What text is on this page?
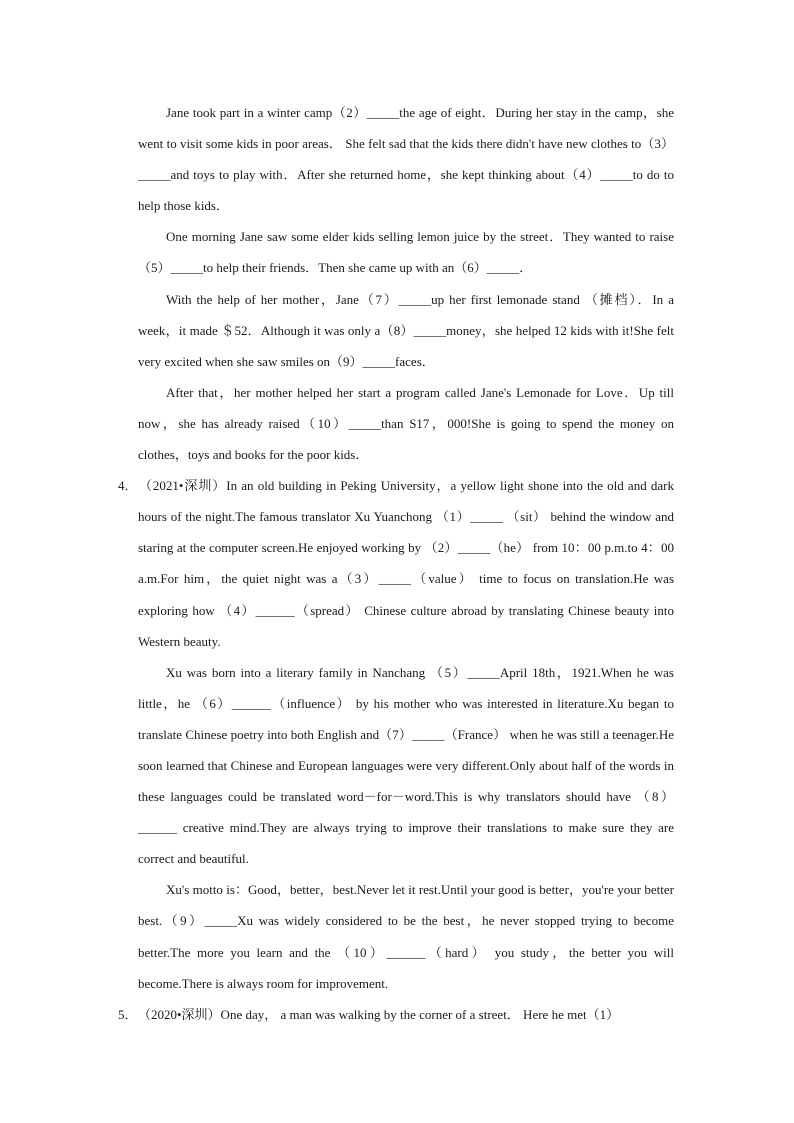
Jane took part in a winter camp（2）_____the age of eight．During her stay in the camp，she went to visit some kids in poor areas． She felt sad that the kids there didn't have new clothes to（3）_____and toys to play with．After she returned home，she kept thinking about（4）_____to do to help those kids．

One morning Jane saw some elder kids selling lemon juice by the street．They wanted to raise（5）_____to help their friends．Then she came up with an（6）_____．

With the help of her mother，Jane（7）_____up her first lemonade stand （摊档）．In a week，it made ＄52．Although it was only a（8）_____money，she helped 12 kids with it!She felt very excited when she saw smiles on（9）_____faces．

After that，her mother helped her start a program called Jane's Lemonade for Love．Up till now，she has already raised（10）_____than S17，000!She is going to spend the money on clothes，toys and books for the poor kids．

4．（2021•深圳）In an old building in Peking University，a yellow light shone into the old and dark hours of the night.The famous translator Xu Yuanchong （1）_____ （sit） behind the window and staring at the computer screen.He enjoyed working by （2）_____（he） from 10：00 p.m.to 4：00 a.m.For him，the quiet night was a（3）_____（value） time to focus on translation.He was exploring how （4）______（spread） Chinese culture abroad by translating Chinese beauty into Western beauty.

Xu was born into a literary family in Nanchang （5）_____April 18th，1921.When he was little，he （6）______（influence） by his mother who was interested in literature.Xu began to translate Chinese poetry into both English and（7）_____（France） when he was still a teenager.He soon learned that Chinese and European languages were very different.Only about half of the words in these languages could be translated word－for－word.This is why translators should have （8）______ creative mind.They are always trying to improve their translations to make sure they are correct and beautiful.

Xu's motto is：Good，better，best.Never let it rest.Until your good is better，you're your better best.（9）_____Xu was widely considered to be the best，he never stopped trying to become better.The more you learn and the （10）______（hard） you study，the better you will become.There is always room for improvement.

5．（2020•深圳）One day， a man was walking by the corner of a street． Here he met（1）
